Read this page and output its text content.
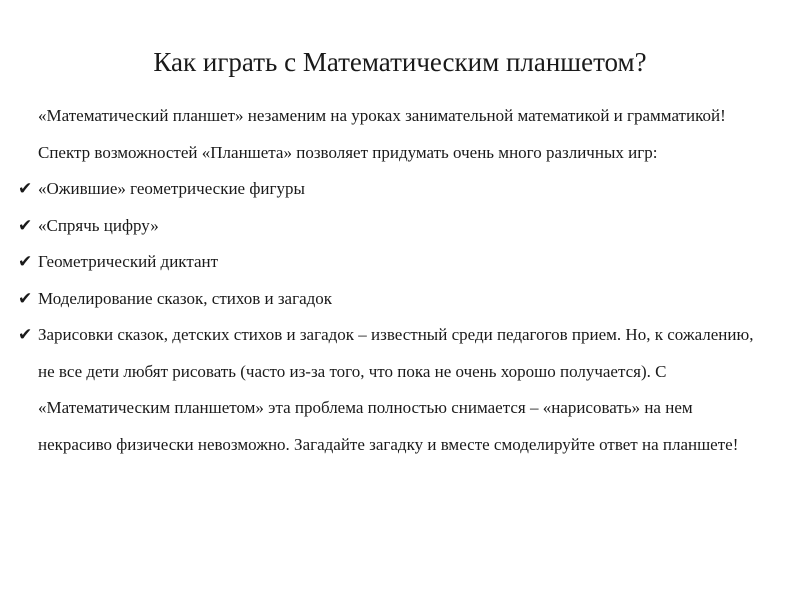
Как играть с Математическим планшетом?

«Математический планшет» незаменим на уроках занимательной математикой и грамматикой! Спектр возможностей «Планшета» позволяет придумать очень много различных игр:

✔ «Ожившие» геометрические фигуры
✔ «Спрячь цифру»
✔ Геометрический диктант
✔ Моделирование сказок, стихов и загадок
✔ Зарисовки сказок, детских стихов и загадок – известный среди педагогов прием. Но, к сожалению, не все дети любят рисовать (часто из-за того, что пока не очень хорошо получается). С «Математическим планшетом» эта проблема полностью снимается – «нарисовать» на нем некрасиво физически невозможно. Загадайте загадку и вместе смоделируйте ответ на планшете!
